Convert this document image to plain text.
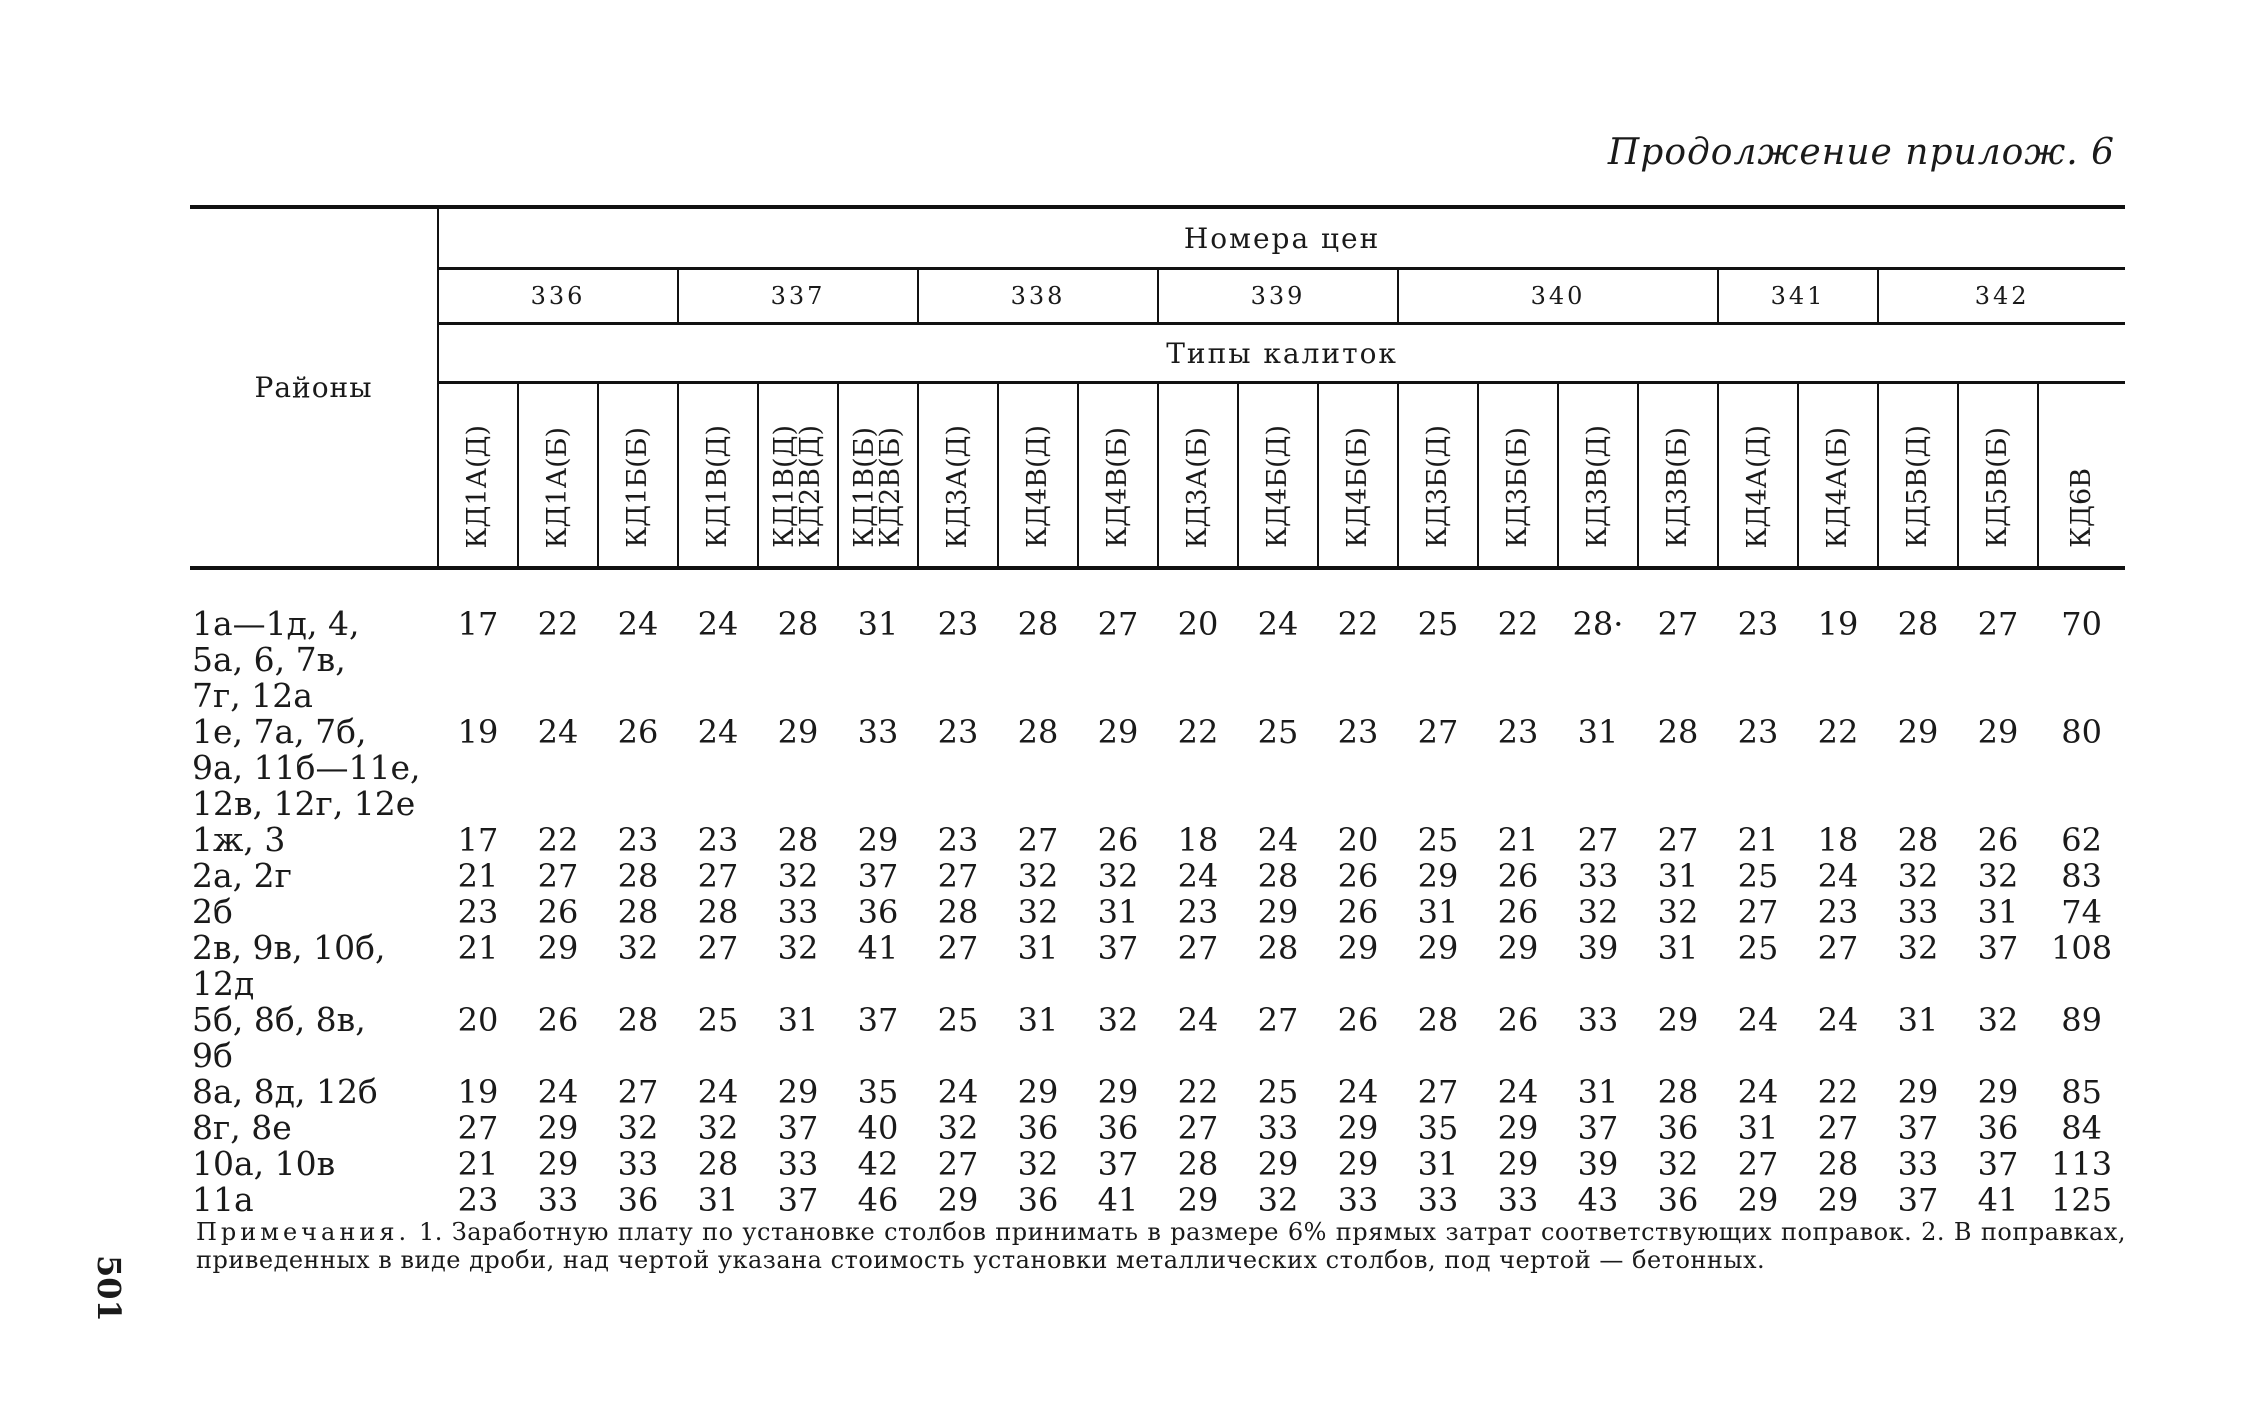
Продолжение прилож. 6
501
Районы	Номера цен																				
	336			337			338			339			340				341		342		
	Типы калиток																				
	КД1А(Д)	КД1А(Б)	КД1Б(Б)	КД1В(Д)	КД1В(Д)
КД2В(Д)	КД1В(Б)
КД2В(Б)	КД3А(Д)	КД4В(Д)	КД4В(Б)	КД3А(Б)	КД4Б(Д)	КД4Б(Б)	КД3Б(Д)	КД3Б(Б)	КД3В(Д)	КД3В(Б)	КД4А(Д)	КД4А(Б)	КД5В(Д)	КД5В(Б)	КД6В
1а—1д, 4,
5а, 6, 7в,
7г, 12а	17	22	24	24	28	31	23	28	27	20	24	22	25	22	28·	27	23	19	28	27	70
1е, 7а, 7б,
9а, 11б—11е,
12в, 12г, 12е	19	24	26	24	29	33	23	28	29	22	25	23	27	23	31	28	23	22	29	29	80
1ж, 3	17	22	23	23	28	29	23	27	26	18	24	20	25	21	27	27	21	18	28	26	62
2а, 2г	21	27	28	27	32	37	27	32	32	24	28	26	29	26	33	31	25	24	32	32	83
2б	23	26	28	28	33	36	28	32	31	23	29	26	31	26	32	32	27	23	33	31	74
2в, 9в, 10б,
12д	21	29	32	27	32	41	27	31	37	27	28	29	29	29	39	31	25	27	32	37	108
5б, 8б, 8в,
9б	20	26	28	25	31	37	25	31	32	24	27	26	28	26	33	29	24	24	31	32	89
8а, 8д, 12б	19	24	27	24	29	35	24	29	29	22	25	24	27	24	31	28	24	22	29	29	85
8г, 8е	27	29	32	32	37	40	32	36	36	27	33	29	35	29	37	36	31	27	37	36	84
10а, 10в	21	29	33	28	33	42	27	32	37	28	29	29	31	29	39	32	27	28	33	37	113
11а	23	33	36	31	37	46	29	36	41	29	32	33	33	33	43	36	29	29	37	41	125
Примечания. 1. Заработную плату по установке столбов принимать в размере 6% прямых затрат соответствующих поправок. 2. В поправках, приведенных в виде дроби, над чертой указана стоимость установки металлических столбов, под чертой — бетонных.
